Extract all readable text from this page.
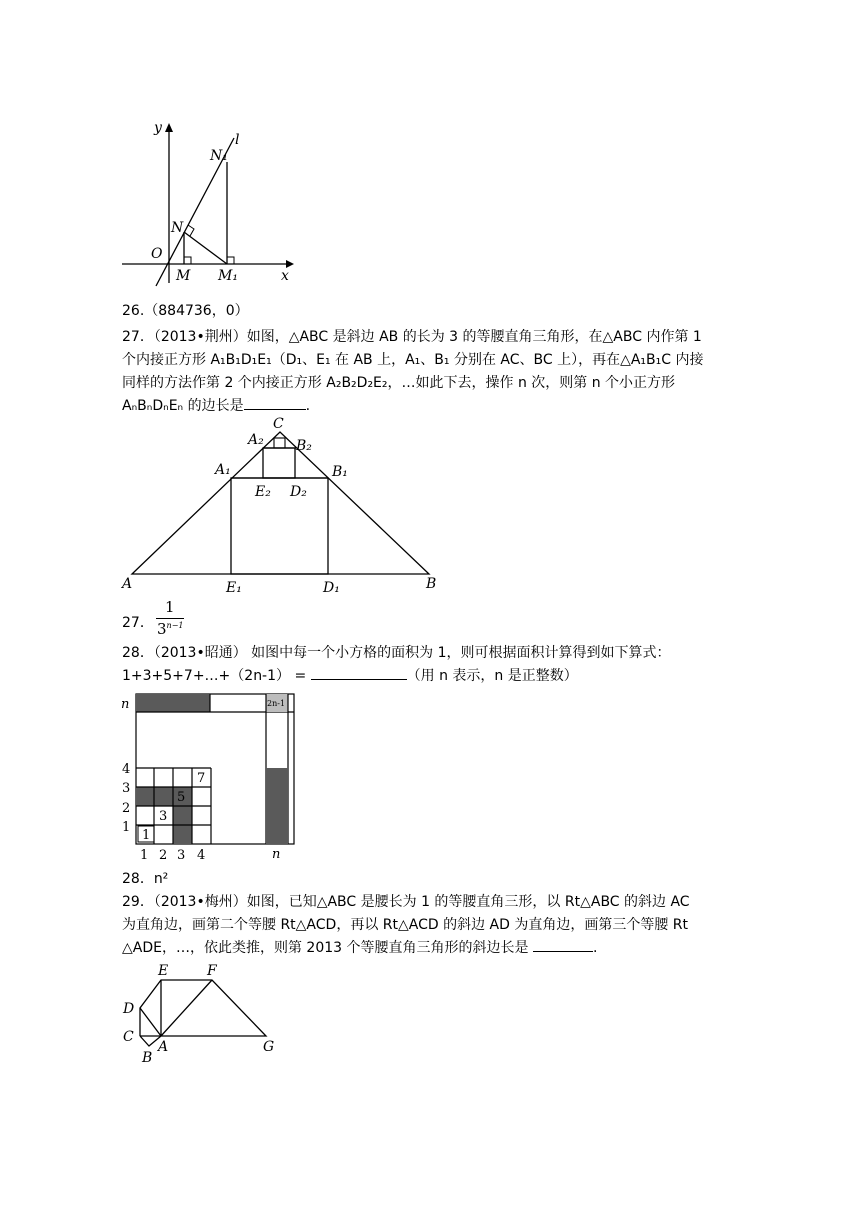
y
l
N₁
N
O
M M₁	x
26.（884736，0）
27．（2013•荆州）如图，△ABC 是斜边 AB 的长为 3 的等腰直角三角形，在△ABC 内作第 1
个内接正方形 A₁B₁D₁E₁（D₁、E₁ 在 AB 上，A₁、B₁ 分别在 AC、BC 上），再在△A₁B₁C 内接
同样的方法作第 2 个内接正方形 A₂B₂D₂E₂，…如此下去，操作 n 次，则第 n 个小正方形
AₙBₙDₙEₙ 的边长是	.
C
A₂ B₂
A₁	B₁
E₂ D₂
A	E₁	D₁	B
27．
1
$3^{n-1}$
28．（2013•昭通） 如图中每一个小方格的面积为 1，则可根据面积计算得到如下算式：
1+3+5+7+…+（2n-1） =	（用 n 表示，n 是正整数）
1
3
5
7
n	2n-1
4
3
2
1
1 2 3 4	n
28．n²
29．（2013•梅州）如图，已知△ABC 是腰长为 1 的等腰直角三形，以 Rt△ABC 的斜边 AC
为直角边，画第二个等腰 Rt△ACD，再以 Rt△ACD 的斜边 AD 为直角边，画第三个等腰 Rt
△ADE，…，依此类推，则第 2013 个等腰直角三角形的斜边长是	.
E	F
D
C
A
B
G
